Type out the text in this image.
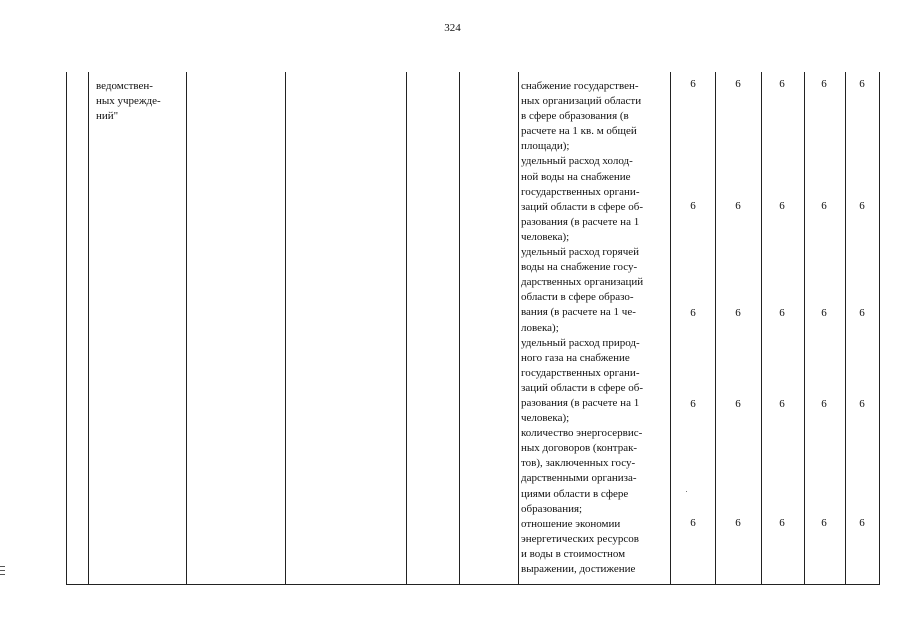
324
ведомствен-
ных учрежде-
ний"
снабжение государствен-
ных организаций области
в сфере образования (в
расчете на 1 кв. м общей
площади);
удельный расход холод-
ной воды на снабжение
государственных органи-
заций области в сфере об-
разования (в расчете на 1
человека);
удельный расход горячей
воды на снабжение госу-
дарственных организаций
области в сфере образо-
вания (в расчете на 1 че-
ловека);
удельный расход природ-
ного газа на снабжение
государственных органи-
заций области в сфере об-
разования (в расчете на 1
человека);
количество энергосервис-
ных договоров (контрак-
тов), заключенных госу-
дарственными организа-
циями области в сфере
образования;
отношение экономии
энергетических ресурсов
и воды в стоимостном
выражении, достижение
6	6	6	6	6
6	6	6	6	6
6	6	6	6	6
6	6	6	6	6
6	6	6	6	6
